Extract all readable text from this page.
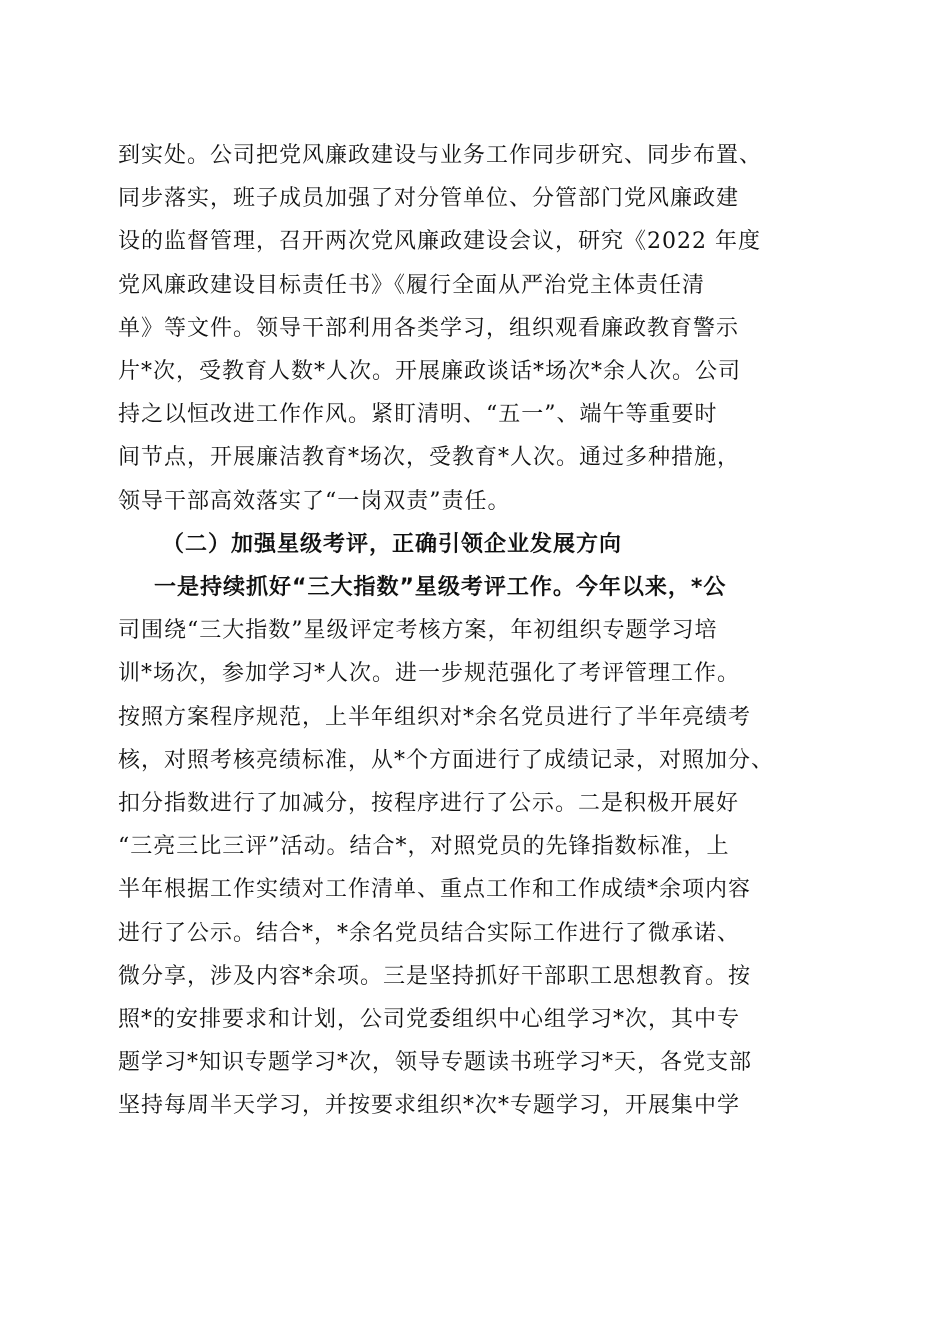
到实处。公司把党风廉政建设与业务工作同步研究、同步布置、
同步落实，班子成员加强了对分管单位、分管部门党风廉政建
设的监督管理，召开两次党风廉政建设会议，研究《2022 年度
党风廉政建设目标责任书》《履行全面从严治党主体责任清
单》等文件。领导干部利用各类学习，组织观看廉政教育警示
片*次，受教育人数*人次。开展廉政谈话*场次*余人次。公司
持之以恒改进工作作风。紧盯清明、“五一”、端午等重要时
间节点，开展廉洁教育*场次，受教育*人次。通过多种措施，
领导干部高效落实了“一岗双责”责任。
（二）加强星级考评，正确引领企业发展方向
一是持续抓好“三大指数”星级考评工作。今年以来，*公
司围绕“三大指数”星级评定考核方案，年初组织专题学习培
训*场次，参加学习*人次。进一步规范强化了考评管理工作。
按照方案程序规范，上半年组织对*余名党员进行了半年亮绩考
核，对照考核亮绩标准，从*个方面进行了成绩记录，对照加分、
扣分指数进行了加减分，按程序进行了公示。二是积极开展好
“三亮三比三评”活动。结合*，对照党员的先锋指数标准，上
半年根据工作实绩对工作清单、重点工作和工作成绩*余项内容
进行了公示。结合*，*余名党员结合实际工作进行了微承诺、
微分享，涉及内容*余项。三是坚持抓好干部职工思想教育。按
照*的安排要求和计划，公司党委组织中心组学习*次，其中专
题学习*知识专题学习*次，领导专题读书班学习*天，各党支部
坚持每周半天学习，并按要求组织*次*专题学习，开展集中学
